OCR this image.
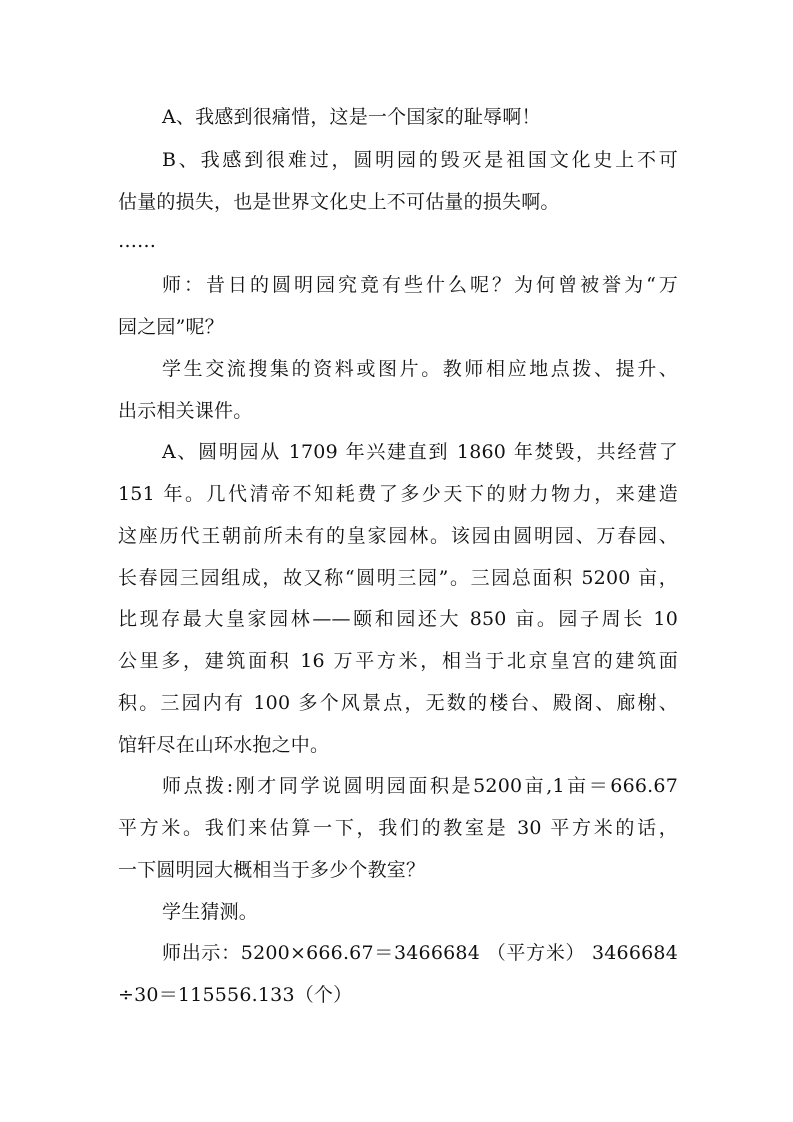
A、我感到很痛惜，这是一个国家的耻辱啊！
B、我感到很难过，圆明园的毁灭是祖国文化史上不可
估量的损失，也是世界文化史上不可估量的损失啊。
……
师：昔日的圆明园究竟有些什么呢？为何曾被誉为“万
园之园”呢？
学生交流搜集的资料或图片。教师相应地点拨、提升、
出示相关课件。
A、圆明园从 1709 年兴建直到 1860 年焚毁，共经营了
151 年。几代清帝不知耗费了多少天下的财力物力，来建造
这座历代王朝前所未有的皇家园林。该园由圆明园、万春园、
长春园三园组成，故又称“圆明三园”。三园总面积 5200 亩，
比现存最大皇家园林——颐和园还大 850 亩。园子周长 10
公里多，建筑面积 16 万平方米，相当于北京皇宫的建筑面
积。三园内有 100 多个风景点，无数的楼台、殿阁、廊榭、
馆轩尽在山环水抱之中。
师点拨:刚才同学说圆明园面积是5200亩,1亩＝666.67
平方米。我们来估算一下，我们的教室是 30 平方米的话，
一下圆明园大概相当于多少个教室？
学生猜测。
师出示：5200×666.67＝3466684 （平方米） 3466684
÷30＝115556.133（个）
